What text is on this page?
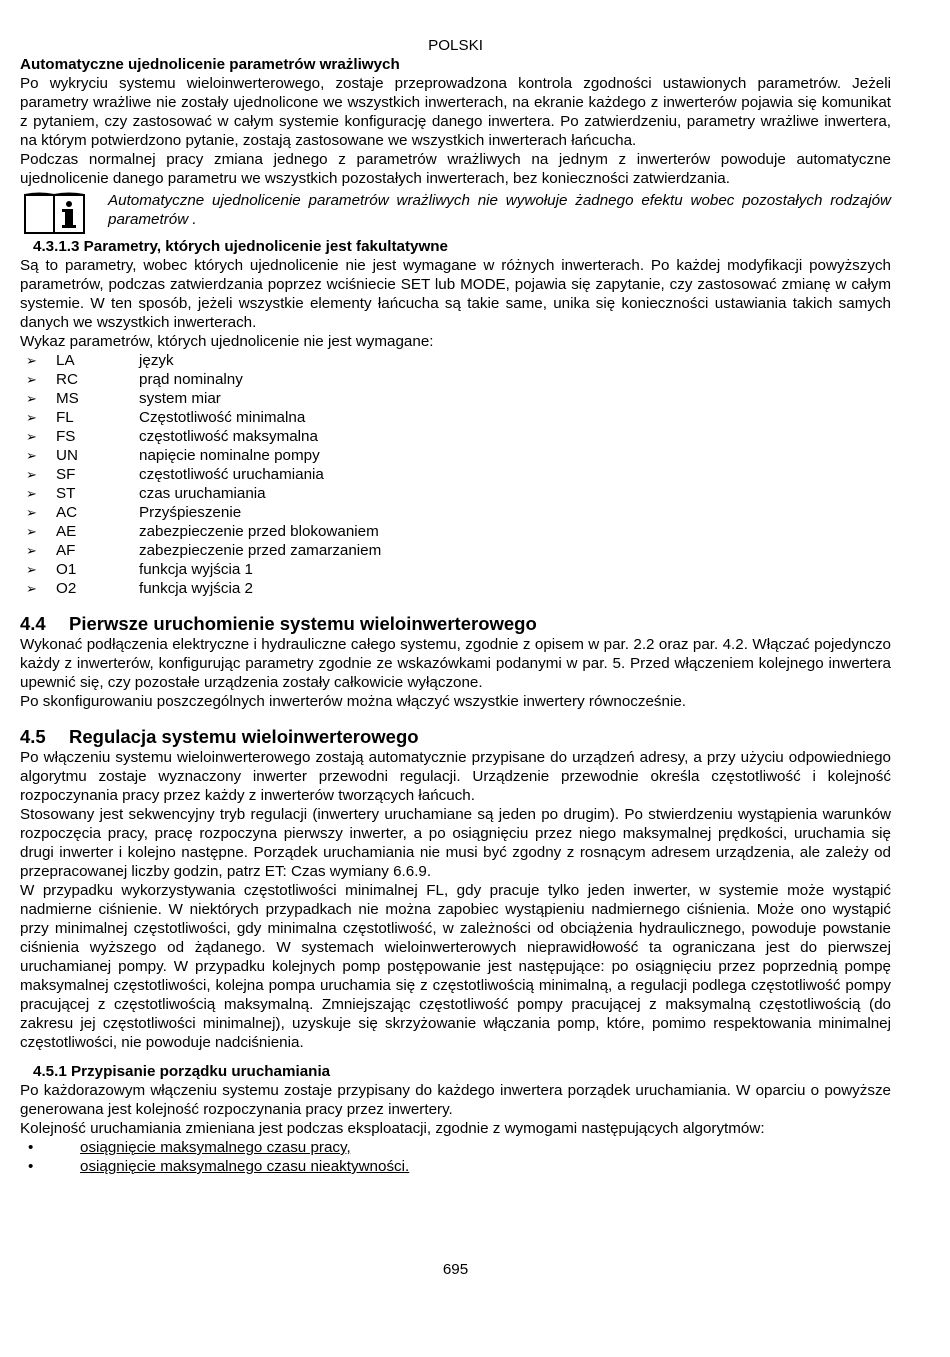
POLSKI
Automatyczne ujednolicenie parametrów wrażliwych

Po wykryciu systemu wieloinwerterowego, zostaje przeprowadzona kontrola zgodności ustawionych parametrów. Jeżeli parametry wrażliwe nie zostały ujednolicone we wszystkich inwerterach, na ekranie każdego z inwerterów pojawia się komunikat z pytaniem, czy zastosować w całym systemie konfigurację danego inwertera. Po zatwierdzeniu, parametry wrażliwe inwertera, na którym potwierdzono pytanie, zostają zastosowane we wszystkich inwerterach łańcucha.

Podczas normalnej pracy zmiana jednego z parametrów wrażliwych na jednym z inwerterów powoduje automatyczne ujednolicenie danego parametru we wszystkich pozostałych inwerterach, bez konieczności zatwierdzania.

Automatyczne ujednolicenie parametrów wrażliwych nie wywołuje żadnego efektu wobec pozostałych rodzajów parametrów .
4.3.1.3 Parametry, których ujednolicenie jest fakultatywne

Są to parametry, wobec których ujednolicenie nie jest wymagane w różnych inwerterach. Po każdej modyfikacji powyższych parametrów, podczas zatwierdzania poprzez wciśniecie SET lub MODE, pojawia się zapytanie, czy zastosować zmianę w całym systemie. W ten sposób, jeżeli wszystkie elementy łańcucha są takie same, unika się konieczności ustawiania takich samych danych we wszystkich inwerterach.

Wykaz parametrów, których ujednolicenie nie jest wymagane:

➢	LA	język
➢	RC	prąd nominalny
➢	MS	system miar
➢	FL	Częstotliwość minimalna
➢	FS	częstotliwość maksymalna
➢	UN	napięcie nominalne pompy
➢	SF	częstotliwość uruchamiania
➢	ST	czas uruchamiania
➢	AC	Przyśpieszenie
➢	AE	zabezpieczenie przed blokowaniem
➢	AF	zabezpieczenie przed zamarzaniem
➢	O1	funkcja wyjścia 1
➢	O2	funkcja wyjścia 2
4.4 Pierwsze uruchomienie systemu wieloinwerterowego

Wykonać podłączenia elektryczne i hydrauliczne całego systemu, zgodnie z opisem w par. 2.2 oraz par. 4.2. Włączać pojedynczo każdy z inwerterów, konfigurując parametry zgodnie ze wskazówkami podanymi w par. 5. Przed włączeniem kolejnego inwertera upewnić się, czy pozostałe urządzenia zostały całkowicie wyłączone.

Po skonfigurowaniu poszczególnych inwerterów można włączyć wszystkie inwertery równocześnie.

4.5 Regulacja systemu wieloinwerterowego

Po włączeniu systemu wieloinwerterowego zostają automatycznie przypisane do urządzeń adresy, a przy użyciu odpowiedniego algorytmu zostaje wyznaczony inwerter przewodni regulacji. Urządzenie przewodnie określa częstotliwość i kolejność rozpoczynania pracy przez każdy z inwerterów tworzących łańcuch.

Stosowany jest sekwencyjny tryb regulacji (inwertery uruchamiane są jeden po drugim). Po stwierdzeniu wystąpienia warunków rozpoczęcia pracy, pracę rozpoczyna pierwszy inwerter, a po osiągnięciu przez niego maksymalnej prędkości, uruchamia się drugi inwerter i kolejno następne. Porządek uruchamiania nie musi być zgodny z rosnącym adresem urządzenia, ale zależy od przepracowanej liczby godzin, patrz ET: Czas wymiany 6.6.9.

W przypadku wykorzystywania częstotliwości minimalnej FL, gdy pracuje tylko jeden inwerter, w systemie może wystąpić nadmierne ciśnienie. W niektórych przypadkach nie można zapobiec wystąpieniu nadmiernego ciśnienia. Może ono wystąpić przy minimalnej częstotliwości, gdy minimalna częstotliwość, w zależności od obciążenia hydraulicznego, powoduje powstanie ciśnienia wyższego od żądanego. W systemach wieloinwerterowych nieprawidłowość ta ograniczana jest do pierwszej uruchamianej pompy. W przypadku kolejnych pomp postępowanie jest następujące: po osiągnięciu przez poprzednią pompę maksymalnej częstotliwości, kolejna pompa uruchamia się z częstotliwością minimalną, a regulacji podlega częstotliwość pompy pracującej z częstotliwością maksymalną. Zmniejszając częstotliwość pompy pracującej z maksymalną częstotliwością (do zakresu jej częstotliwości minimalnej), uzyskuje się skrzyżowanie włączania pomp, które, pomimo respektowania minimalnej częstotliwości, nie powoduje nadciśnienia.

4.5.1 Przypisanie porządku uruchamiania

Po każdorazowym włączeniu systemu zostaje przypisany do każdego inwertera porządek uruchamiania. W oparciu o powyższe generowana jest kolejność rozpoczynania pracy przez inwertery.

Kolejność uruchamiania zmieniana jest podczas eksploatacji, zgodnie z wymogami następujących algorytmów:

•	osiągnięcie maksymalnego czasu pracy,
•	osiągnięcie maksymalnego czasu nieaktywności.
695
